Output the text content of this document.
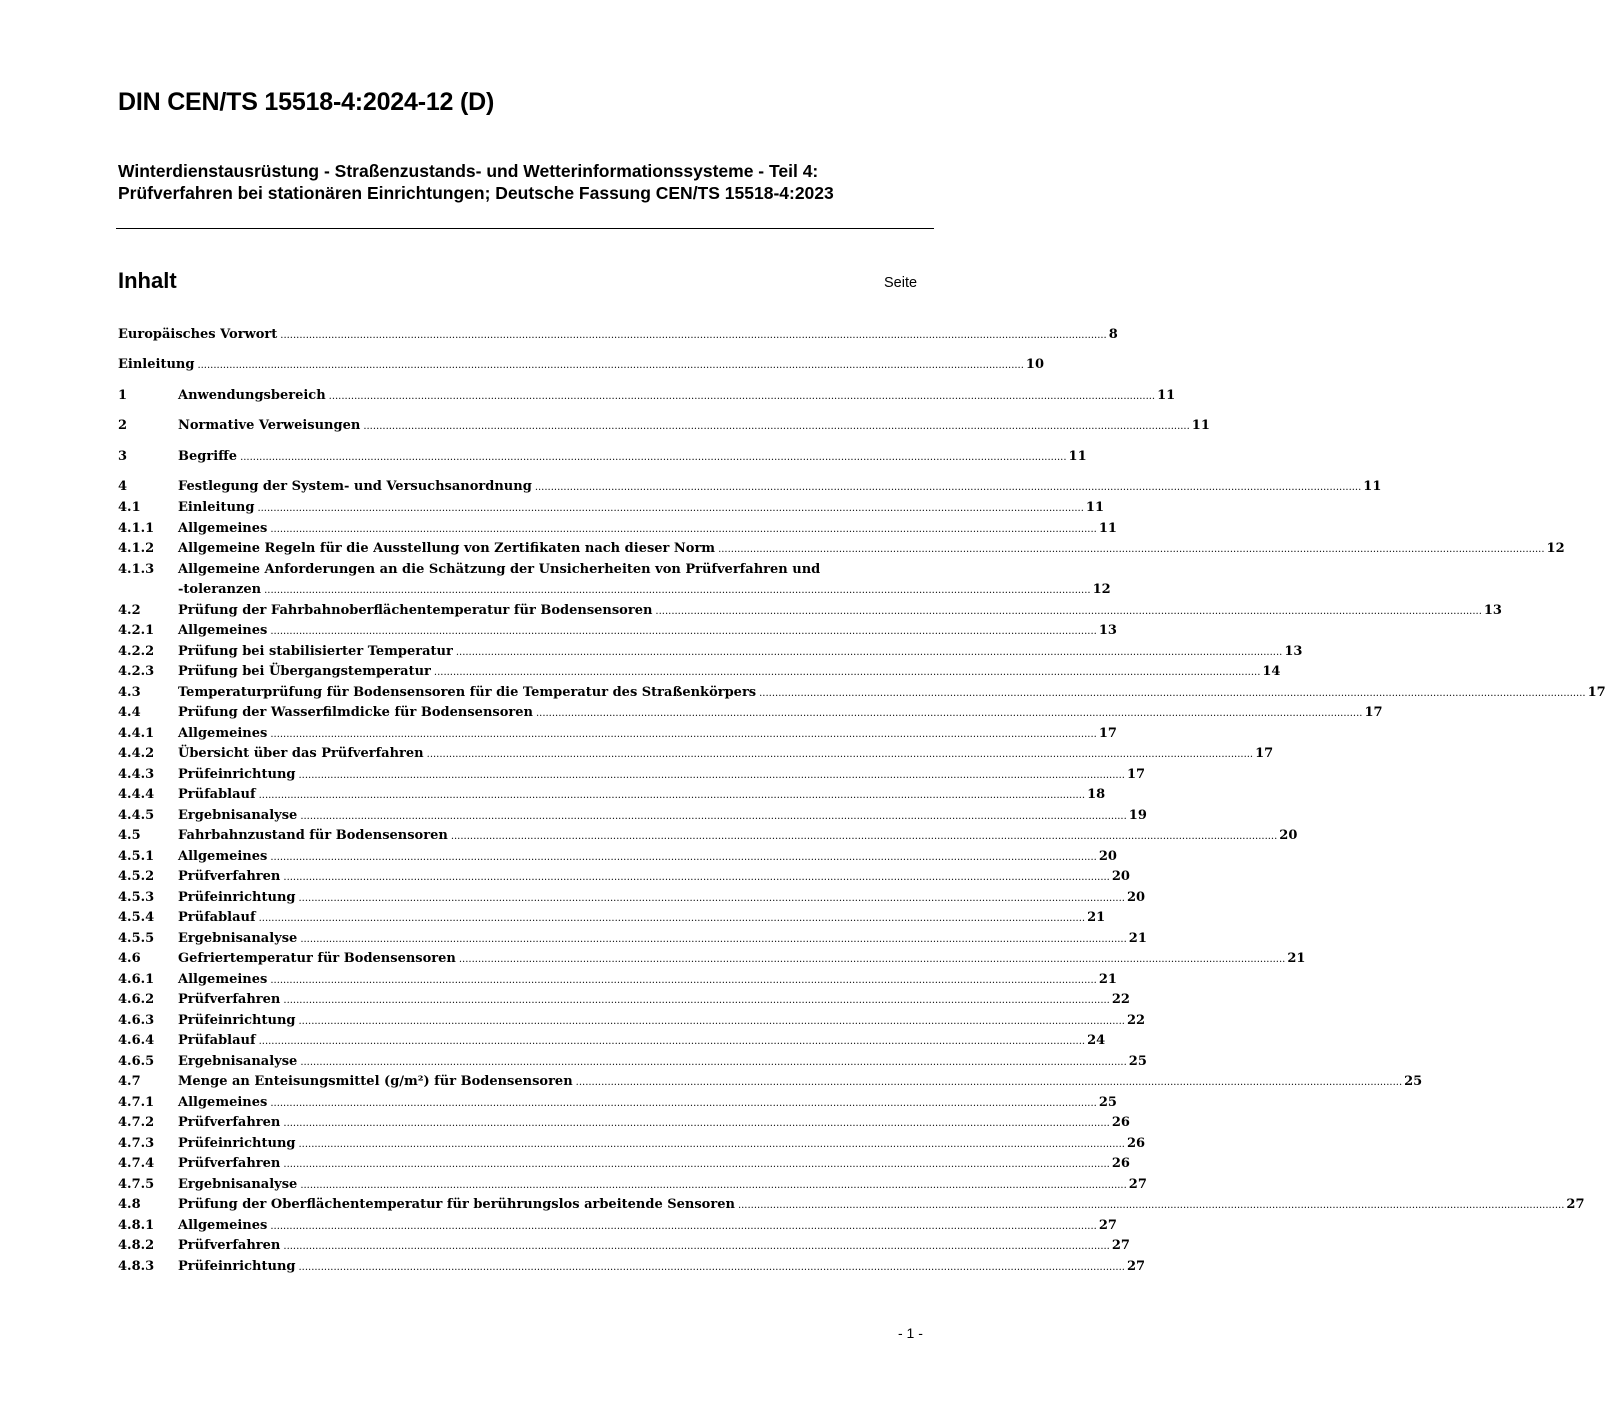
DIN CEN/TS 15518-4:2024-12 (D)
Winterdienstausrüstung - Straßenzustands- und Wetterinformationssysteme - Teil 4: Prüfverfahren bei stationären Einrichtungen; Deutsche Fassung CEN/TS 15518-4:2023
Inhalt	Seite
Europäisches Vorwort .................................................................................................................................................................................................................................................................... 8
Einleitung .................................................................................................................................................................................................................................................................... 10
1	Anwendungsbereich .................................................................................................................................................................................................................................................................... 11
2	Normative Verweisungen .................................................................................................................................................................................................................................................................... 11
3	Begriffe .................................................................................................................................................................................................................................................................... 11
4	Festlegung der System- und Versuchsanordnung .................................................................................................................................................................................................................................................................... 11
4.1	Einleitung .................................................................................................................................................................................................................................................................... 11
4.1.1	Allgemeines .................................................................................................................................................................................................................................................................... 11
4.1.2	Allgemeine Regeln für die Ausstellung von Zertifikaten nach dieser Norm .................................................................................................................................................................................................................................................................... 12
4.1.3	Allgemeine Anforderungen an die Schätzung der Unsicherheiten von Prüfverfahren und
-toleranzen .................................................................................................................................................................................................................................................................... 12
4.2	Prüfung der Fahrbahnoberflächentemperatur für Bodensensoren .................................................................................................................................................................................................................................................................... 13
4.2.1	Allgemeines .................................................................................................................................................................................................................................................................... 13
4.2.2	Prüfung bei stabilisierter Temperatur .................................................................................................................................................................................................................................................................... 13
4.2.3	Prüfung bei Übergangstemperatur .................................................................................................................................................................................................................................................................... 14
4.3	Temperaturprüfung für Bodensensoren für die Temperatur des Straßenkörpers .................................................................................................................................................................................................................................................................... 17
4.4	Prüfung der Wasserfilmdicke für Bodensensoren .................................................................................................................................................................................................................................................................... 17
4.4.1	Allgemeines .................................................................................................................................................................................................................................................................... 17
4.4.2	Übersicht über das Prüfverfahren .................................................................................................................................................................................................................................................................... 17
4.4.3	Prüfeinrichtung .................................................................................................................................................................................................................................................................... 17
4.4.4	Prüfablauf .................................................................................................................................................................................................................................................................... 18
4.4.5	Ergebnisanalyse .................................................................................................................................................................................................................................................................... 19
4.5	Fahrbahnzustand für Bodensensoren .................................................................................................................................................................................................................................................................... 20
4.5.1	Allgemeines .................................................................................................................................................................................................................................................................... 20
4.5.2	Prüfverfahren .................................................................................................................................................................................................................................................................... 20
4.5.3	Prüfeinrichtung .................................................................................................................................................................................................................................................................... 20
4.5.4	Prüfablauf .................................................................................................................................................................................................................................................................... 21
4.5.5	Ergebnisanalyse .................................................................................................................................................................................................................................................................... 21
4.6	Gefriertemperatur für Bodensensoren .................................................................................................................................................................................................................................................................... 21
4.6.1	Allgemeines .................................................................................................................................................................................................................................................................... 21
4.6.2	Prüfverfahren .................................................................................................................................................................................................................................................................... 22
4.6.3	Prüfeinrichtung .................................................................................................................................................................................................................................................................... 22
4.6.4	Prüfablauf .................................................................................................................................................................................................................................................................... 24
4.6.5	Ergebnisanalyse .................................................................................................................................................................................................................................................................... 25
4.7	Menge an Enteisungsmittel (g/m²) für Bodensensoren .................................................................................................................................................................................................................................................................... 25
4.7.1	Allgemeines .................................................................................................................................................................................................................................................................... 25
4.7.2	Prüfverfahren .................................................................................................................................................................................................................................................................... 26
4.7.3	Prüfeinrichtung .................................................................................................................................................................................................................................................................... 26
4.7.4	Prüfverfahren .................................................................................................................................................................................................................................................................... 26
4.7.5	Ergebnisanalyse .................................................................................................................................................................................................................................................................... 27
4.8	Prüfung der Oberflächentemperatur für berührungslos arbeitende Sensoren .................................................................................................................................................................................................................................................................... 27
4.8.1	Allgemeines .................................................................................................................................................................................................................................................................... 27
4.8.2	Prüfverfahren .................................................................................................................................................................................................................................................................... 27
4.8.3	Prüfeinrichtung .................................................................................................................................................................................................................................................................... 27
- 1 -
